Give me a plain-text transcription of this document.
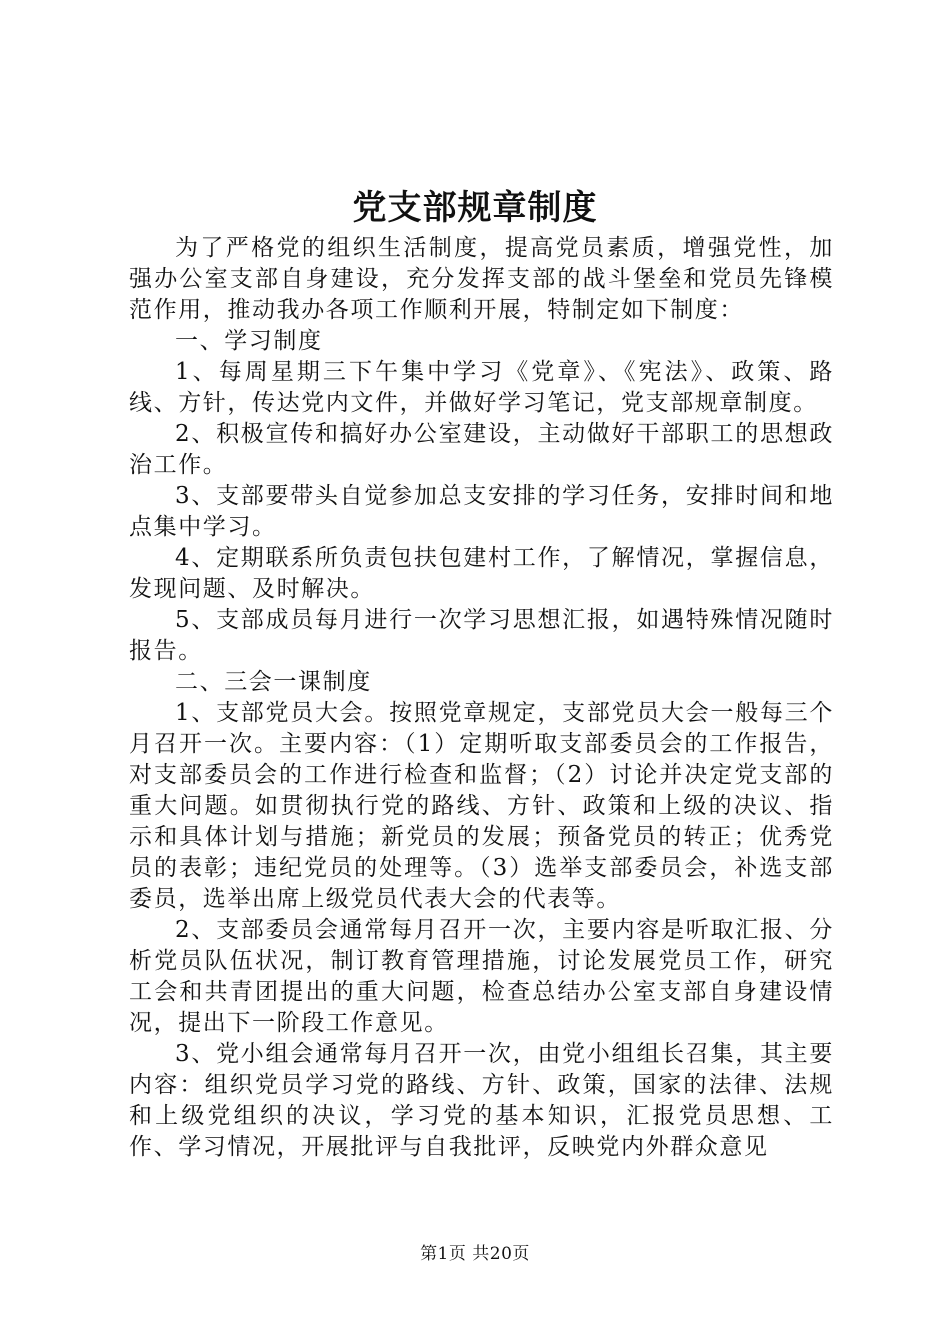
党支部规章制度

为了严格党的组织生活制度，提高党员素质，增强党性，加强办公室支部自身建设，充分发挥支部的战斗堡垒和党员先锋模范作用，推动我办各项工作顺利开展，特制定如下制度：

一、学习制度

1、每周星期三下午集中学习《党章》、《宪法》、政策、路线、方针，传达党内文件，并做好学习笔记，党支部规章制度。

2、积极宣传和搞好办公室建设，主动做好干部职工的思想政治工作。

3、支部要带头自觉参加总支安排的学习任务，安排时间和地点集中学习。

4、定期联系所负责包扶包建村工作，了解情况，掌握信息，发现问题、及时解决。

5、支部成员每月进行一次学习思想汇报，如遇特殊情况随时报告。

二、三会一课制度

1、支部党员大会。按照党章规定，支部党员大会一般每三个月召开一次。主要内容：（1）定期听取支部委员会的工作报告，对支部委员会的工作进行检查和监督；（2）讨论并决定党支部的重大问题。如贯彻执行党的路线、方针、政策和上级的决议、指示和具体计划与措施；新党员的发展；预备党员的转正；优秀党员的表彰；违纪党员的处理等。（3）选举支部委员会，补选支部委员，选举出席上级党员代表大会的代表等。

2、支部委员会通常每月召开一次，主要内容是听取汇报、分析党员队伍状况，制订教育管理措施，讨论发展党员工作，研究工会和共青团提出的重大问题，检查总结办公室支部自身建设情况，提出下一阶段工作意见。

3、党小组会通常每月召开一次，由党小组组长召集，其主要内容：组织党员学习党的路线、方针、政策，国家的法律、法规和上级党组织的决议，学习党的基本知识，汇报党员思想、工作、学习情况，开展批评与自我批评，反映党内外群众意见

第1页 共20页
